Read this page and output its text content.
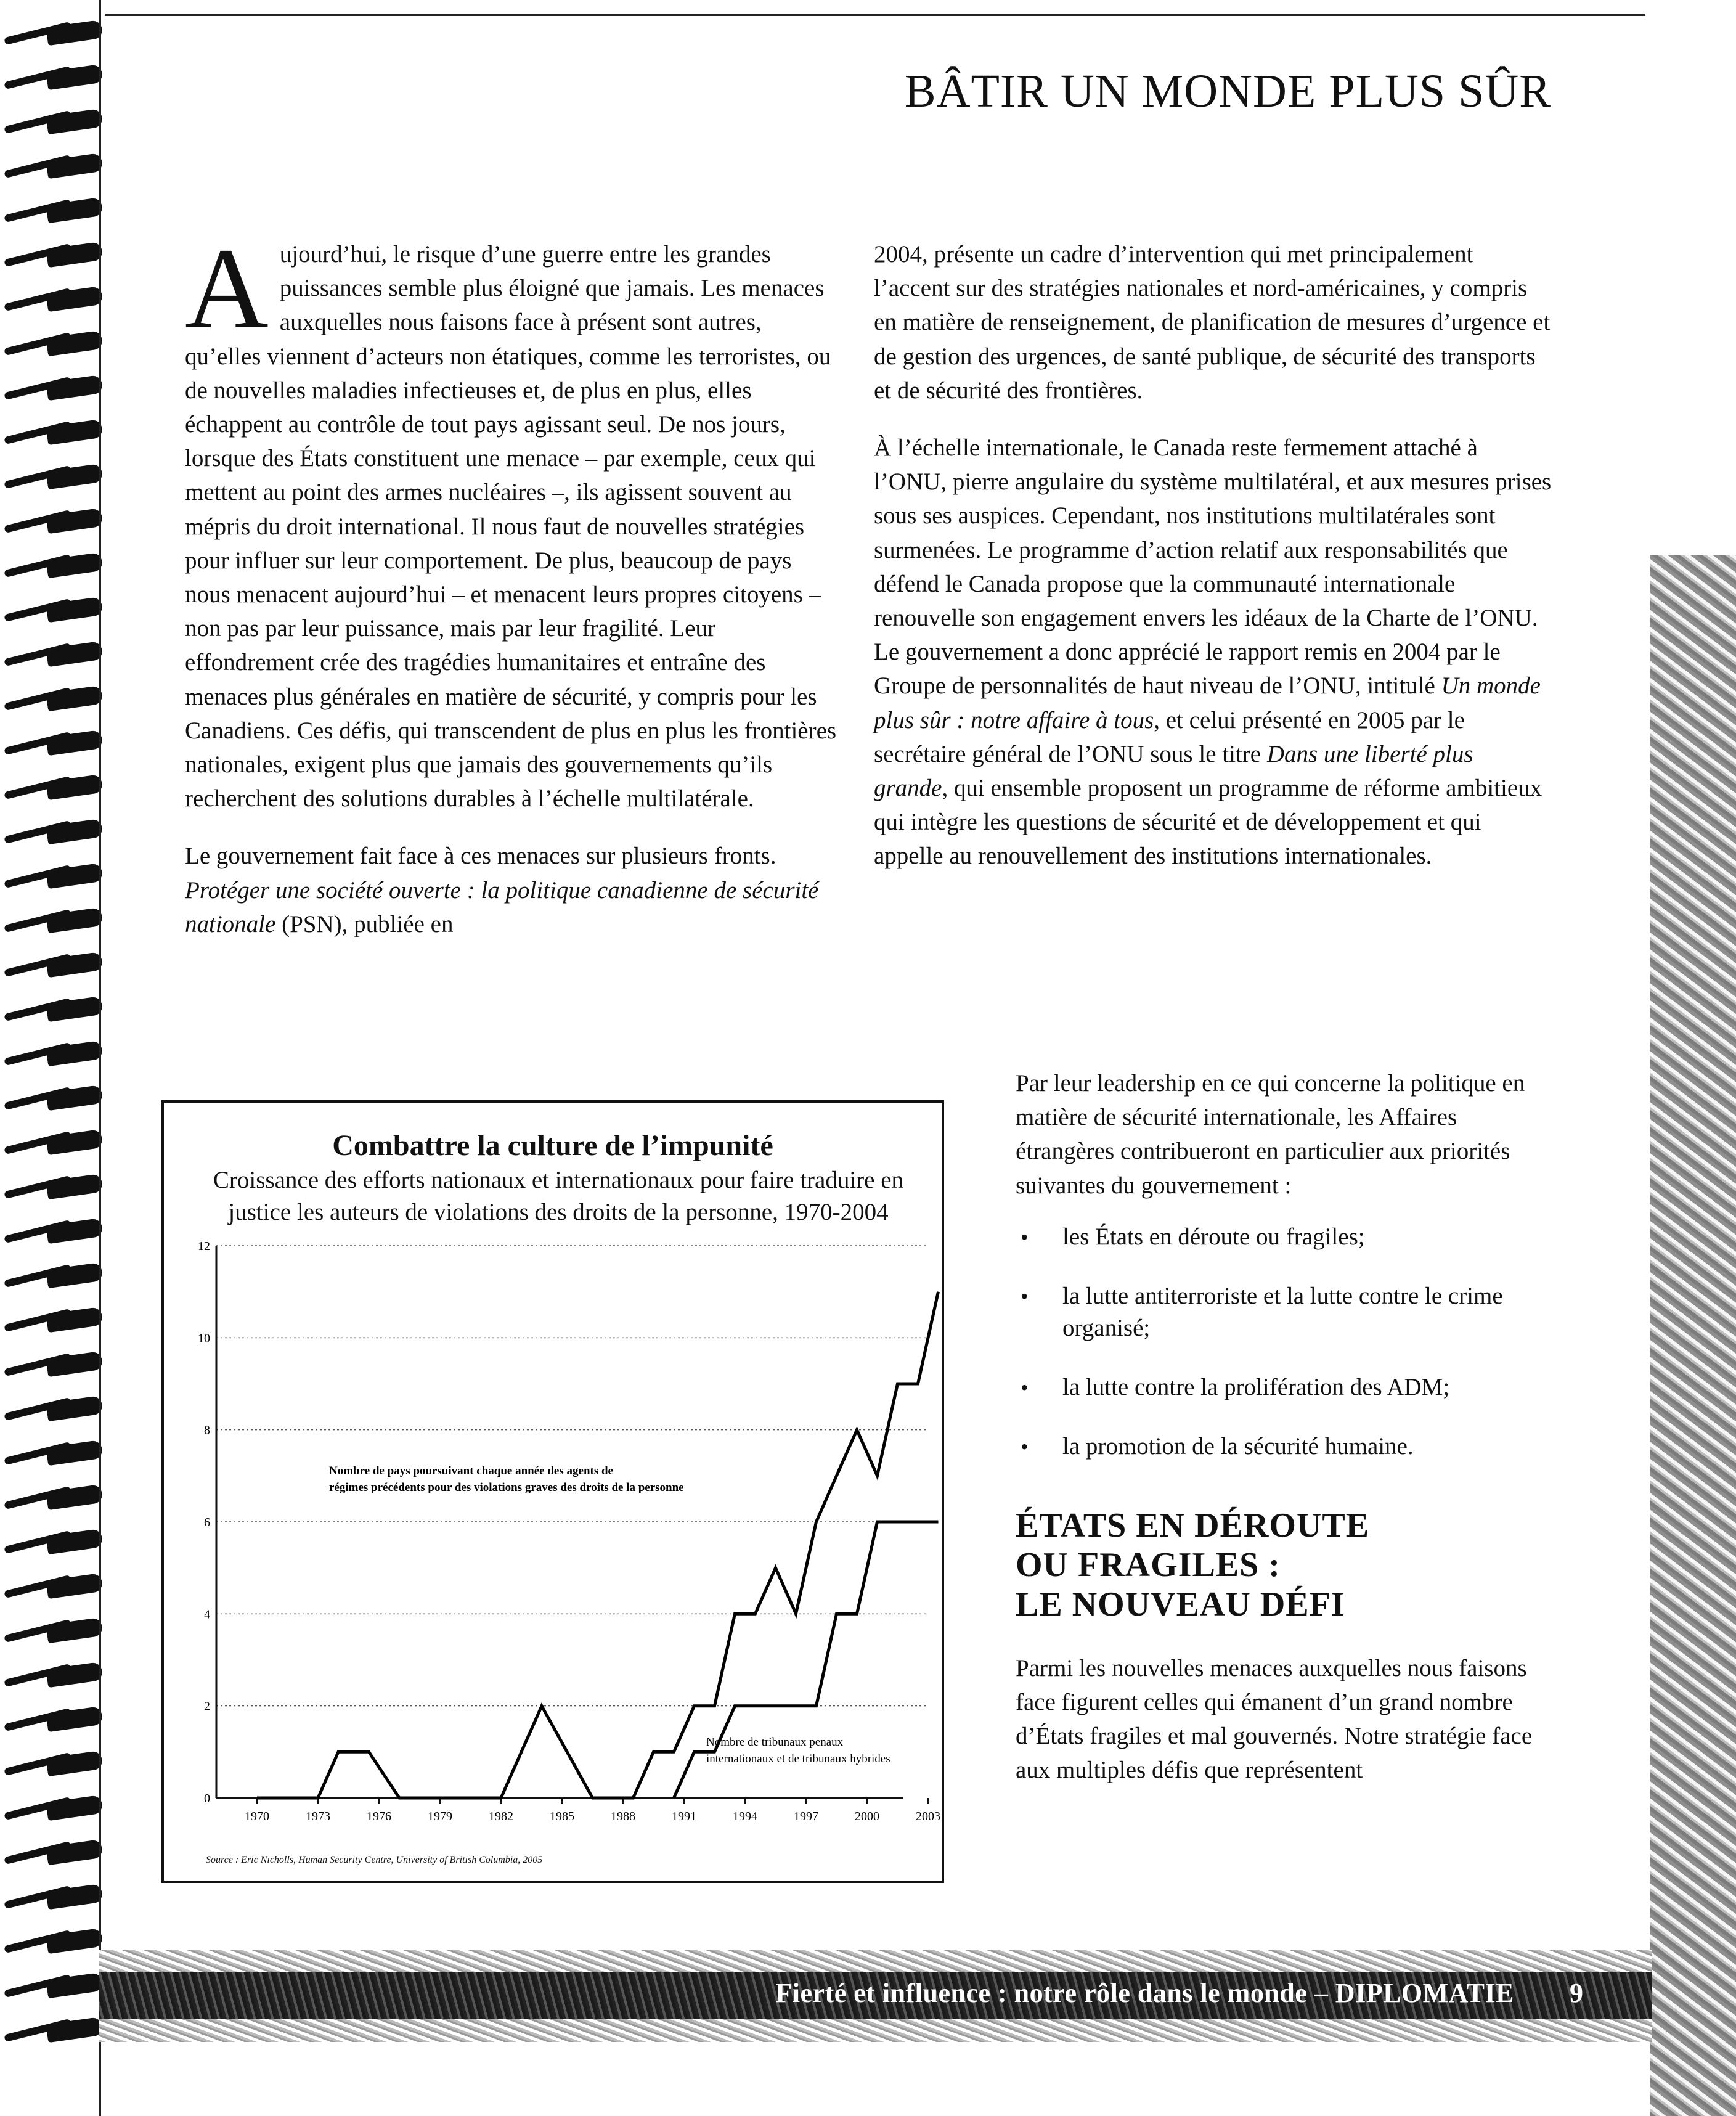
BÂTIR UN MONDE PLUS SÛR

Aujourd’hui, le risque d’une guerre entre les grandes puissances semble plus éloigné que jamais. Les menaces auxquelles nous faisons face à présent sont autres, qu’elles viennent d’acteurs non étatiques, comme les terroristes, ou de nouvelles maladies infectieuses et, de plus en plus, elles échappent au contrôle de tout pays agissant seul. De nos jours, lorsque des États constituent une menace – par exemple, ceux qui mettent au point des armes nucléaires –, ils agissent souvent au mépris du droit international. Il nous faut de nouvelles stratégies pour influer sur leur comportement. De plus, beaucoup de pays nous menacent aujourd’hui – et menacent leurs propres citoyens – non pas par leur puissance, mais par leur fragilité. Leur effondrement crée des tragédies humanitaires et entraîne des menaces plus générales en matière de sécurité, y compris pour les Canadiens. Ces défis, qui transcendent de plus en plus les frontières nationales, exigent plus que jamais des gouvernements qu’ils recherchent des solutions durables à l’échelle multilatérale.

Le gouvernement fait face à ces menaces sur plusieurs fronts. Protéger une société ouverte : la politique canadienne de sécurité nationale (PSN), publiée en

2004, présente un cadre d’intervention qui met principalement l’accent sur des stratégies nationales et nord-américaines, y compris en matière de renseignement, de planification de mesures d’urgence et de gestion des urgences, de santé publique, de sécurité des transports et de sécurité des frontières.

À l’échelle internationale, le Canada reste fermement attaché à l’ONU, pierre angulaire du système multilatéral, et aux mesures prises sous ses auspices. Cependant, nos institutions multilatérales sont surmenées. Le programme d’action relatif aux responsabilités que défend le Canada propose que la communauté internationale renouvelle son engagement envers les idéaux de la Charte de l’ONU. Le gouvernement a donc apprécié le rapport remis en 2004 par le Groupe de personnalités de haut niveau de l’ONU, intitulé Un monde plus sûr : notre affaire à tous, et celui présenté en 2005 par le secrétaire général de l’ONU sous le titre Dans une liberté plus grande, qui ensemble proposent un programme de réforme ambitieux qui intègre les questions de sécurité et de développement et qui appelle au renouvellement des institutions internationales.

Par leur leadership en ce qui concerne la politique en matière de sécurité internationale, les Affaires étrangères contribueront en particulier aux priorités suivantes du gouvernement :

• les États en déroute ou fragiles;
• la lutte antiterroriste et la lutte contre le crime organisé;
• la lutte contre la prolifération des ADM;
• la promotion de la sécurité humaine.
ÉTATS EN DÉROUTE
OU FRAGILES :
LE NOUVEAU DÉFI

Parmi les nouvelles menaces auxquelles nous faisons face figurent celles qui émanent d’un grand nombre d’États fragiles et mal gouvernés. Notre stratégie face aux multiples défis que représentent

0
2
4
6
8
10
12
1970	1973	1976	1979	1982	1985	1988	1991	1994	1997	2000	2003
Nombre de pays poursuivant chaque année des agents de
régimes précédents pour des violations graves des droits de la personne
Nombre de tribunaux penaux
internationaux et de tribunaux hybrides

Combattre la culture de l’impunité

Croissance des efforts nationaux et internationaux pour faire traduire en justice les auteurs de violations des droits de la personne, 1970-2004

Source : Eric Nicholls, Human Security Centre, University of British Columbia, 2005

Fierté et influence : notre rôle dans le monde – DIPLOMATIE 9
